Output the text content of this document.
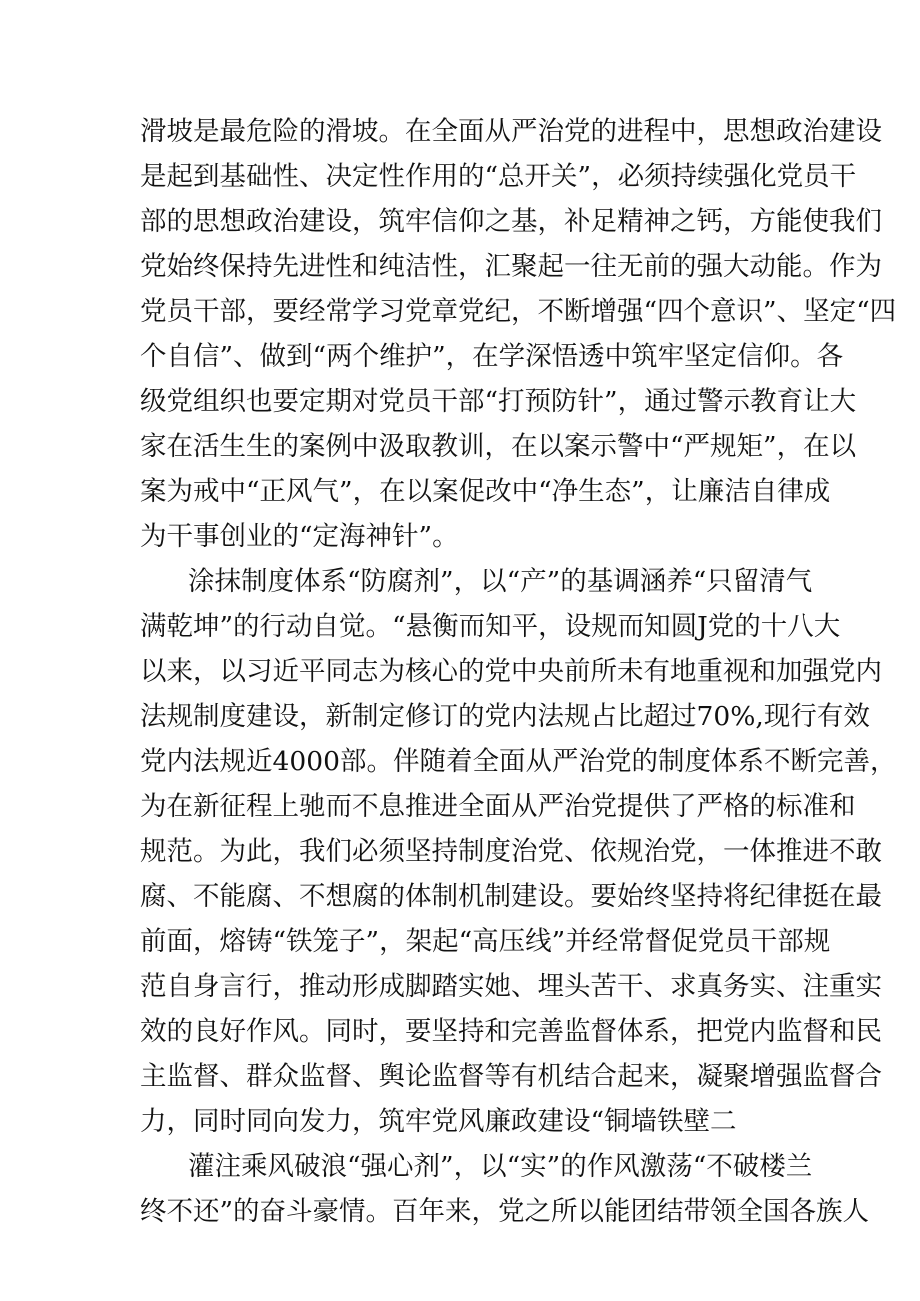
滑坡是最危险的滑坡。在全面从严治党的进程中，思想政治建设
是起到基础性、决定性作用的“总开关”，必须持续强化党员干
部的思想政治建设，筑牢信仰之基，补足精神之钙，方能使我们
党始终保持先进性和纯洁性，汇聚起一往无前的强大动能。作为
党员干部，要经常学习党章党纪，不断增强“四个意识”、坚定“四
个自信”、做到“两个维护”，在学深悟透中筑牢坚定信仰。各
级党组织也要定期对党员干部“打预防针”，通过警示教育让大
家在活生生的案例中汲取教训，在以案示警中“严规矩”，在以
案为戒中“正风气”，在以案促改中“净生态”，让廉洁自律成
为干事创业的“定海神针”。
涂抹制度体系“防腐剂”，以“产”的基调涵养“只留清气
满乾坤”的行动自觉。“悬衡而知平，设规而知圆J党的十八大
以来，以习近平同志为核心的党中央前所未有地重视和加强党内
法规制度建设，新制定修订的党内法规占比超过70%,现行有效
党内法规近4000部。伴随着全面从严治党的制度体系不断完善，
为在新征程上驰而不息推进全面从严治党提供了严格的标准和
规范。为此，我们必须坚持制度治党、依规治党，一体推进不敢
腐、不能腐、不想腐的体制机制建设。要始终坚持将纪律挺在最
前面，熔铸“铁笼子”，架起“高压线”并经常督促党员干部规
范自身言行，推动形成脚踏实她、埋头苦干、求真务实、注重实
效的良好作风。同时，要坚持和完善监督体系，把党内监督和民
主监督、群众监督、舆论监督等有机结合起来，凝聚增强监督合
力，同时同向发力，筑牢党风廉政建设“铜墙铁壁二
灌注乘风破浪“强心剂”，以“实”的作风激荡“不破楼兰
终不还”的奋斗豪情。百年来，党之所以能团结带领全国各族人
